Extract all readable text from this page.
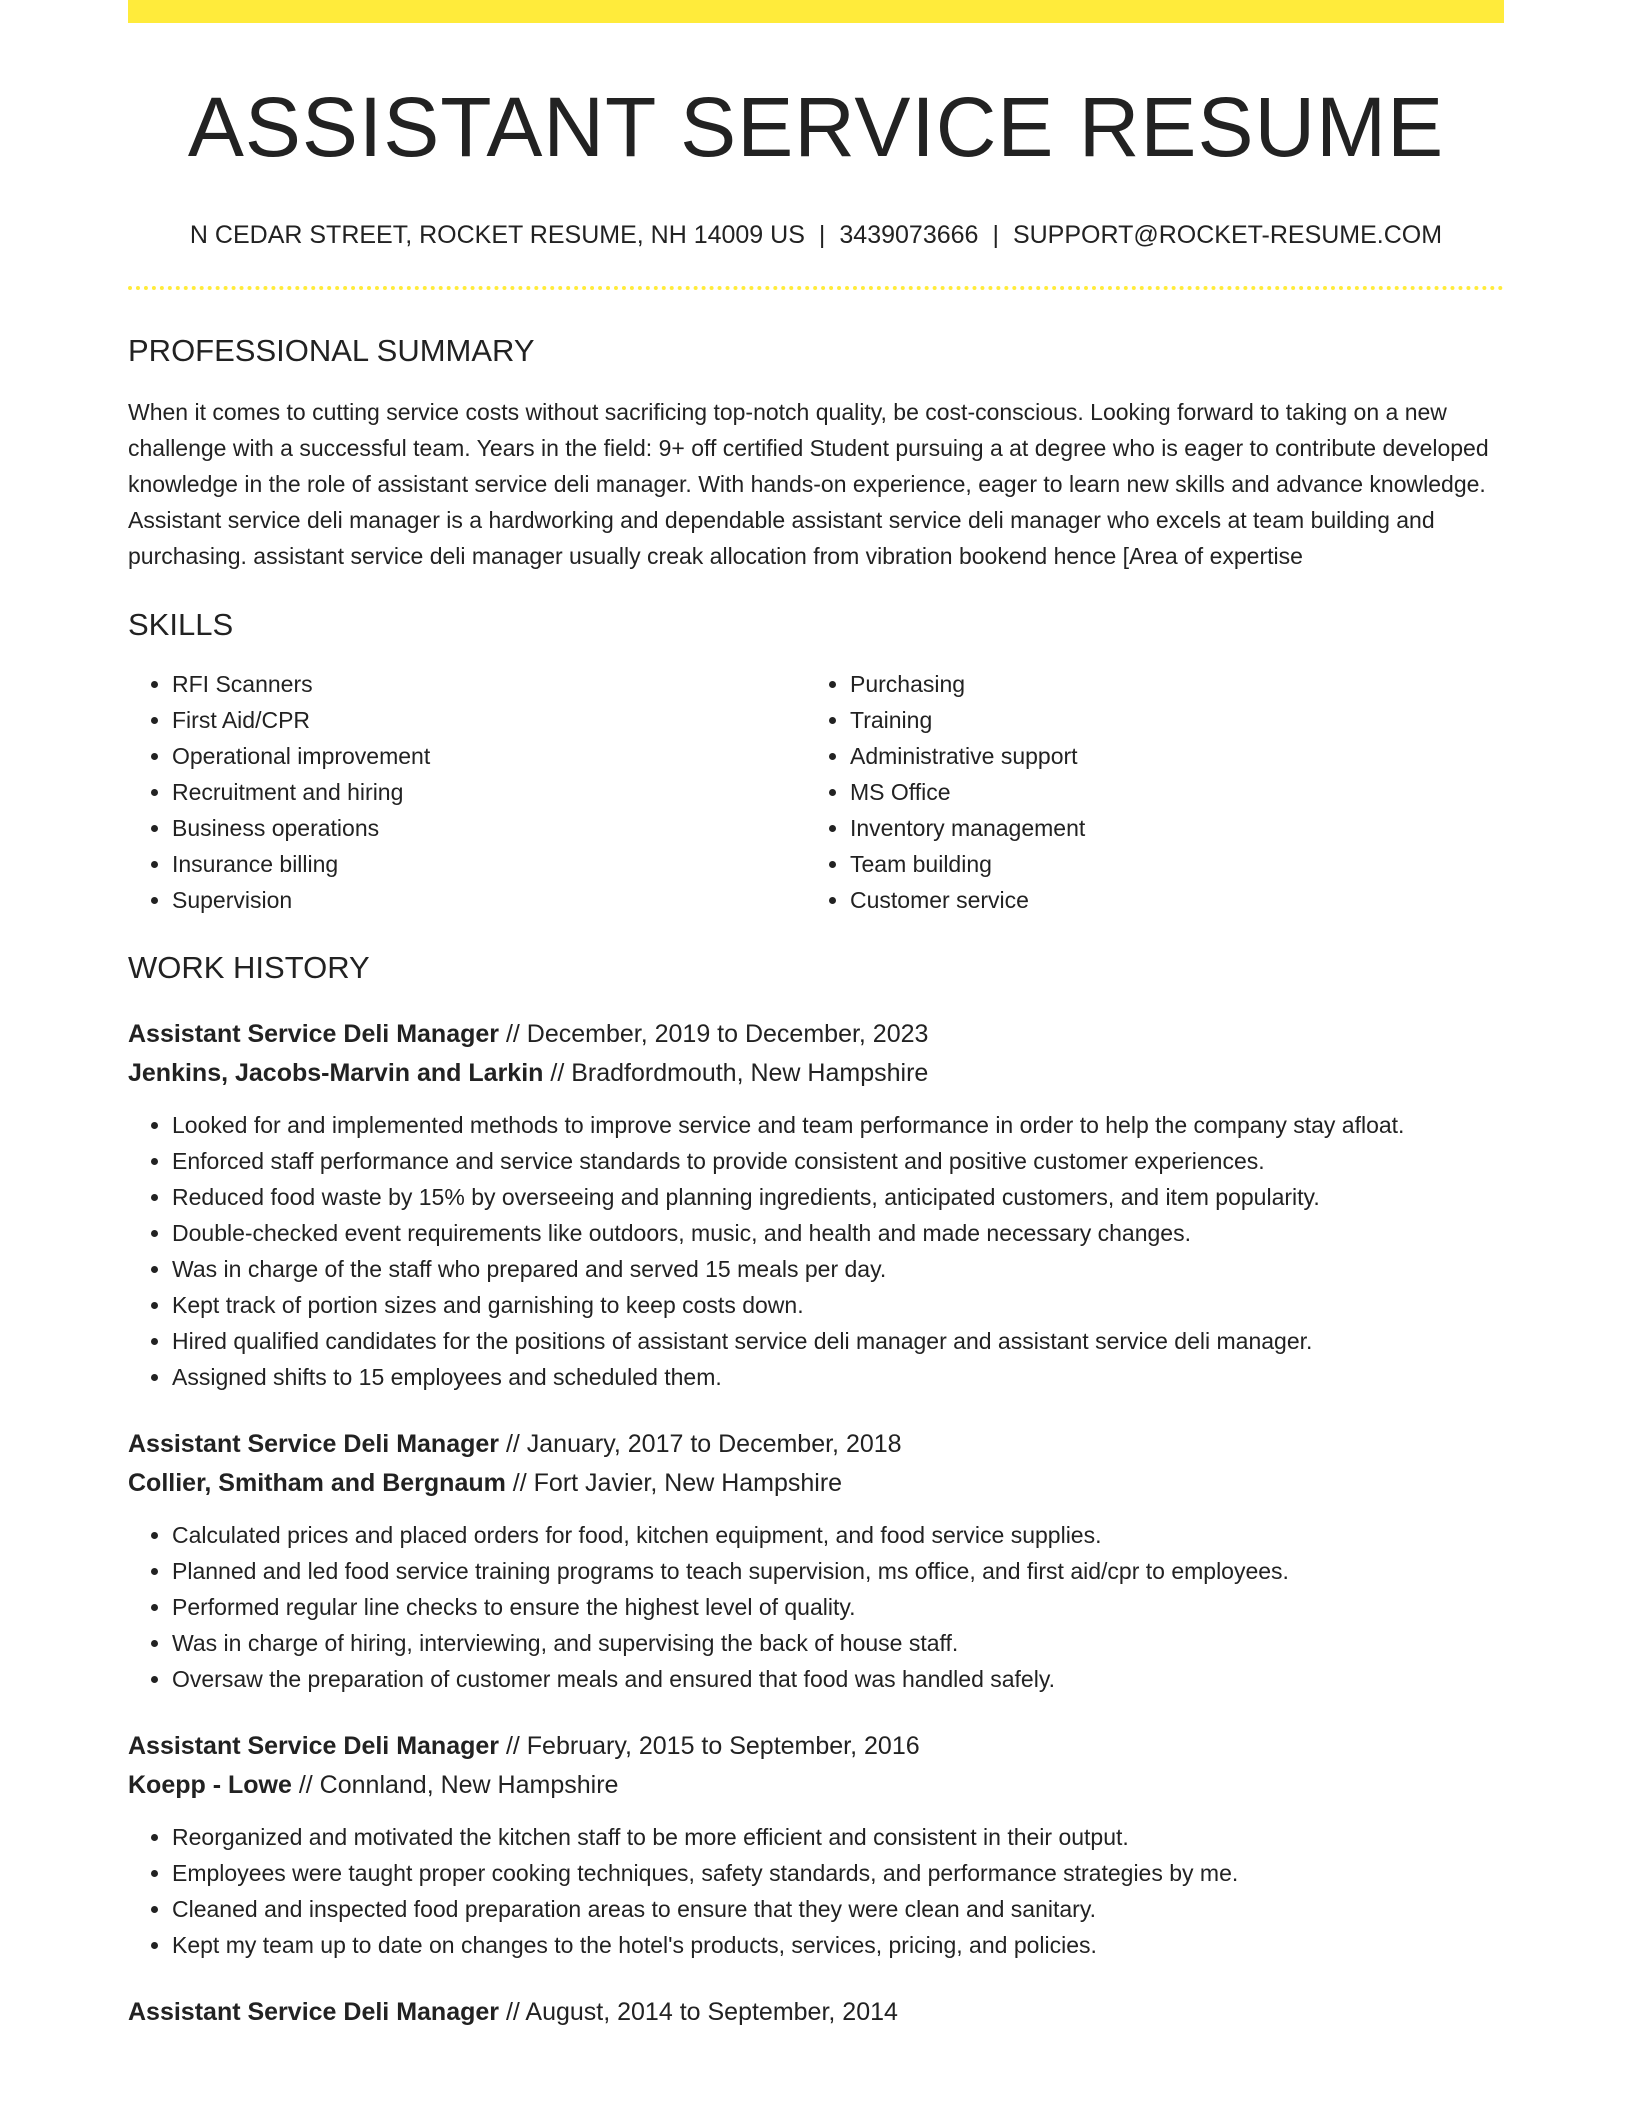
ASSISTANT SERVICE RESUME
N CEDAR STREET, ROCKET RESUME, NH 14009 US | 3439073666 | SUPPORT@ROCKET-RESUME.COM
PROFESSIONAL SUMMARY

When it comes to cutting service costs without sacrificing top-notch quality, be cost-conscious. Looking forward to taking on a new challenge with a successful team. Years in the field: 9+ off certified Student pursuing a at degree who is eager to contribute developed knowledge in the role of assistant service deli manager. With hands-on experience, eager to learn new skills and advance knowledge. Assistant service deli manager is a hardworking and dependable assistant service deli manager who excels at team building and purchasing. assistant service deli manager usually creak allocation from vibration bookend hence [Area of expertise

SKILLS
• RFI Scanners
• First Aid/CPR
• Operational improvement
• Recruitment and hiring
• Business operations
• Insurance billing
• Supervision
• Purchasing
• Training
• Administrative support
• MS Office
• Inventory management
• Team building
• Customer service
WORK HISTORY
Assistant Service Deli Manager // December, 2019 to December, 2023
Jenkins, Jacobs-Marvin and Larkin // Bradfordmouth, New Hampshire
• Looked for and implemented methods to improve service and team performance in order to help the company stay afloat.
• Enforced staff performance and service standards to provide consistent and positive customer experiences.
• Reduced food waste by 15% by overseeing and planning ingredients, anticipated customers, and item popularity.
• Double-checked event requirements like outdoors, music, and health and made necessary changes.
• Was in charge of the staff who prepared and served 15 meals per day.
• Kept track of portion sizes and garnishing to keep costs down.
• Hired qualified candidates for the positions of assistant service deli manager and assistant service deli manager.
• Assigned shifts to 15 employees and scheduled them.
Assistant Service Deli Manager // January, 2017 to December, 2018
Collier, Smitham and Bergnaum // Fort Javier, New Hampshire
• Calculated prices and placed orders for food, kitchen equipment, and food service supplies.
• Planned and led food service training programs to teach supervision, ms office, and first aid/cpr to employees.
• Performed regular line checks to ensure the highest level of quality.
• Was in charge of hiring, interviewing, and supervising the back of house staff.
• Oversaw the preparation of customer meals and ensured that food was handled safely.
Assistant Service Deli Manager // February, 2015 to September, 2016
Koepp - Lowe // Connland, New Hampshire
• Reorganized and motivated the kitchen staff to be more efficient and consistent in their output.
• Employees were taught proper cooking techniques, safety standards, and performance strategies by me.
• Cleaned and inspected food preparation areas to ensure that they were clean and sanitary.
• Kept my team up to date on changes to the hotel's products, services, pricing, and policies.
Assistant Service Deli Manager // August, 2014 to September, 2014
